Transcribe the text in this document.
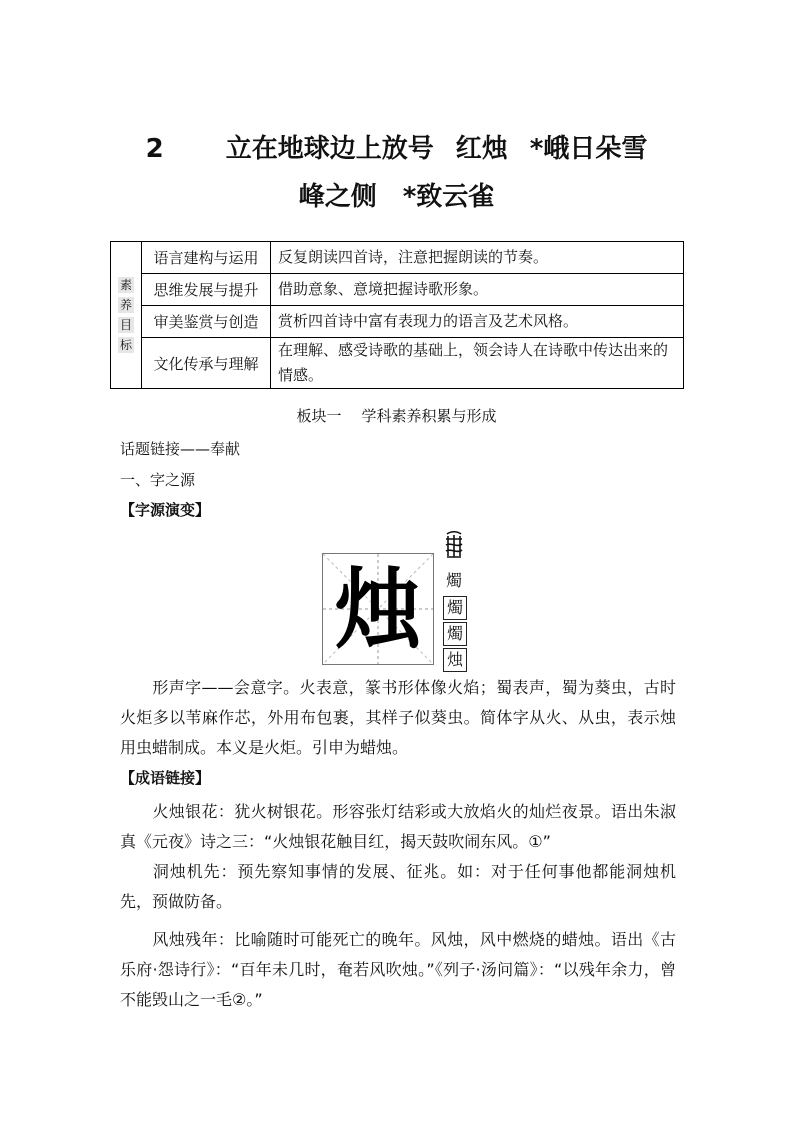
2 立在地球边上放号 红烛 *峨日朵雪
峰之侧 *致云雀
素
养
目
标	语言建构与运用	反复朗读四首诗，注意把握朗读的节奏。
	思维发展与提升	借助意象、意境把握诗歌形象。
	审美鉴赏与创造	赏析四首诗中富有表现力的语言及艺术风格。
	文化传承与理解	在理解、感受诗歌的基础上，领会诗人在诗歌中传达出来的情感。
板块一 学科素养积累与形成
话题链接——奉献
一、字之源
【字源演变】
烛	燭
燭
燭
烛
形声字——会意字。火表意，篆书形体像火焰；蜀表声，蜀为葵虫，古时火炬多以苇麻作芯，外用布包裹，其样子似葵虫。简体字从火、从虫，表示烛用虫蜡制成。本义是火炬。引申为蜡烛。
【成语链接】
火烛银花：犹火树银花。形容张灯结彩或大放焰火的灿烂夜景。语出朱淑真《元夜》诗之三：“火烛银花触目红，揭天鼓吹闹东风。①”
洞烛机先：预先察知事情的发展、征兆。如：对于任何事他都能洞烛机先，预做防备。
风烛残年：比喻随时可能死亡的晚年。风烛，风中燃烧的蜡烛。语出《古乐府·怨诗行》：“百年未几时，奄若风吹烛。”《列子·汤问篇》：“以残年余力，曾不能毁山之一毛②。”
